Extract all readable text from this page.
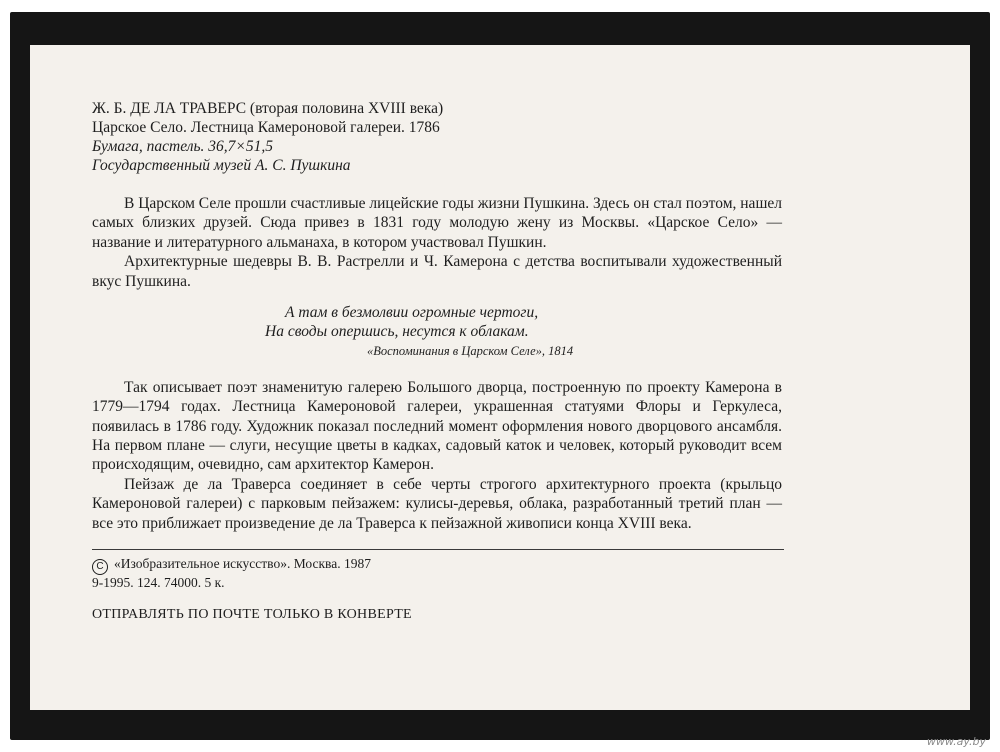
Ж. Б. ДЕ ЛА ТРАВЕРС (вторая половина XVIII века)
Царское Село. Лестница Камероновой галереи. 1786
Бумага, пастель. 36,7×51,5
Государственный музей А. С. Пушкина

В Царском Селе прошли счастливые лицейские годы жизни Пушкина. Здесь он стал поэтом, нашел самых близких друзей. Сюда привез в 1831 году молодую жену из Москвы. «Царское Село» — название и литературного альманаха, в котором участвовал Пушкин.

Архитектурные шедевры В. В. Растрелли и Ч. Камерона с детства воспитывали художественный вкус Пушкина.

А там в безмолвии огромные чертоги,
На своды опершись, несутся к облакам.
«Воспоминания в Царском Селе», 1814

Так описывает поэт знаменитую галерею Большого дворца, построенную по проекту Камерона в 1779—1794 годах. Лестница Камероновой галереи, украшенная статуями Флоры и Геркулеса, появилась в 1786 году. Художник показал последний момент оформления нового дворцового ансамбля. На первом плане — слуги, несущие цветы в кадках, садовый каток и человек, который руководит всем происходящим, очевидно, сам архитектор Камерон.

Пейзаж де ла Траверса соединяет в себе черты строгого архитектурного проекта (крыльцо Камероновой галереи) с парковым пейзажем: кулисы-деревья, облака, разработанный третий план — все это приближает произведение де ла Траверса к пейзажной живописи конца XVIII века.

C «Изобразительное искусство». Москва. 1987
9-1995. 124. 74000. 5 к.
ОТПРАВЛЯТЬ ПО ПОЧТЕ ТОЛЬКО В КОНВЕРТЕ
www.ay.by
